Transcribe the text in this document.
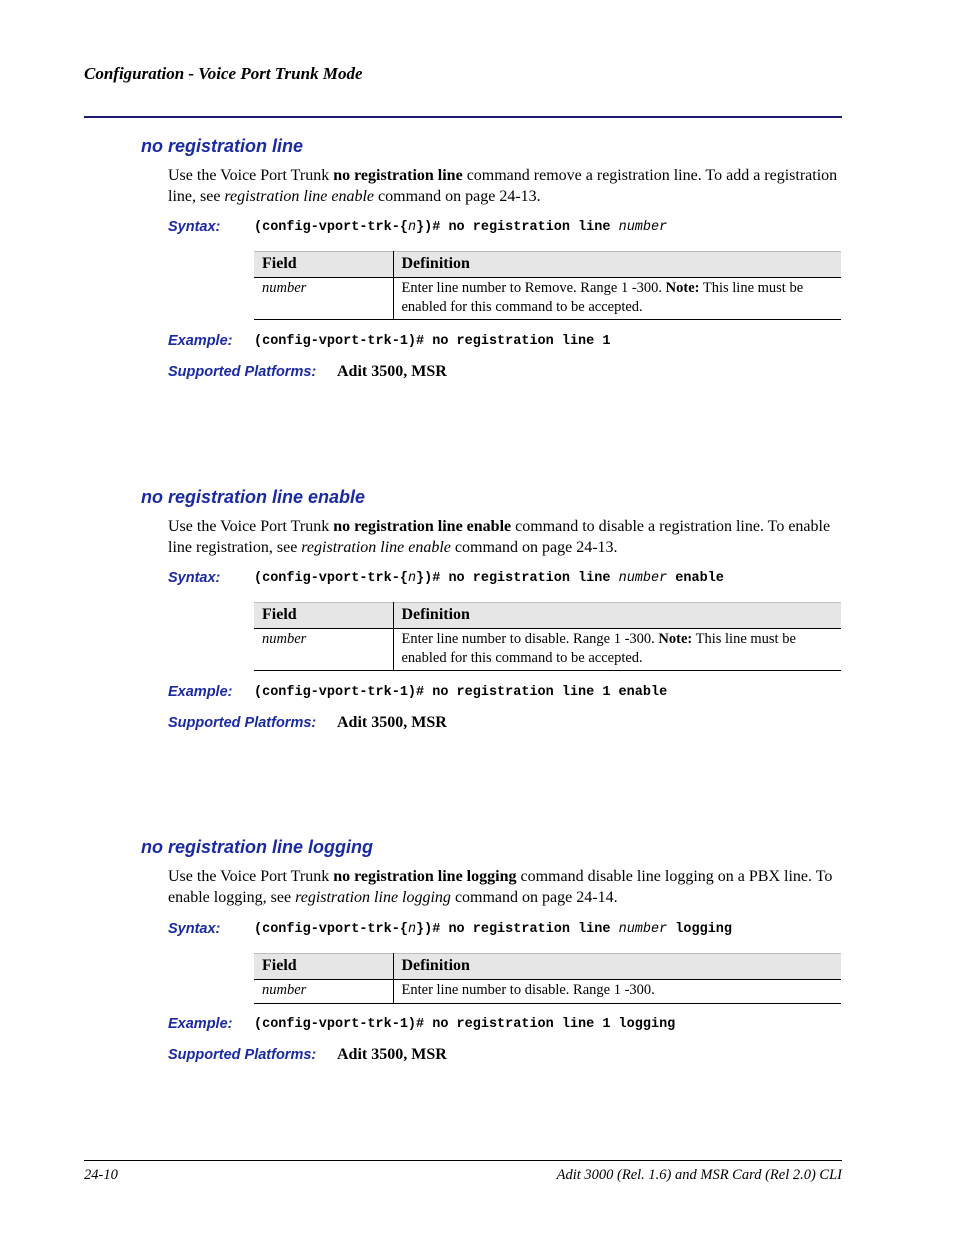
Configuration - Voice Port Trunk Mode
no registration line
Use the Voice Port Trunk no registration line command remove a registration line. To add a registration line, see registration line enable command on page 24-13.
Syntax: (config-vport-trk-{n})# no registration line number
Field	Definition
number	Enter line number to Remove. Range 1 -300. Note: This line must be enabled for this command to be accepted.
Example: (config-vport-trk-1)# no registration line 1
Supported Platforms: Adit 3500, MSR
no registration line enable
Use the Voice Port Trunk no registration line enable command to disable a registration line. To enable line registration, see registration line enable command on page 24-13.
Syntax: (config-vport-trk-{n})# no registration line number enable
Field	Definition
number	Enter line number to disable. Range 1 -300. Note: This line must be enabled for this command to be accepted.
Example: (config-vport-trk-1)# no registration line 1 enable
Supported Platforms: Adit 3500, MSR
no registration line logging
Use the Voice Port Trunk no registration line logging command disable line logging on a PBX line. To enable logging, see registration line logging command on page 24-14.
Syntax: (config-vport-trk-{n})# no registration line number logging
Field	Definition
number	Enter line number to disable. Range 1 -300.
Example: (config-vport-trk-1)# no registration line 1 logging
Supported Platforms: Adit 3500, MSR
24-10	Adit 3000 (Rel. 1.6) and MSR Card (Rel 2.0) CLI
